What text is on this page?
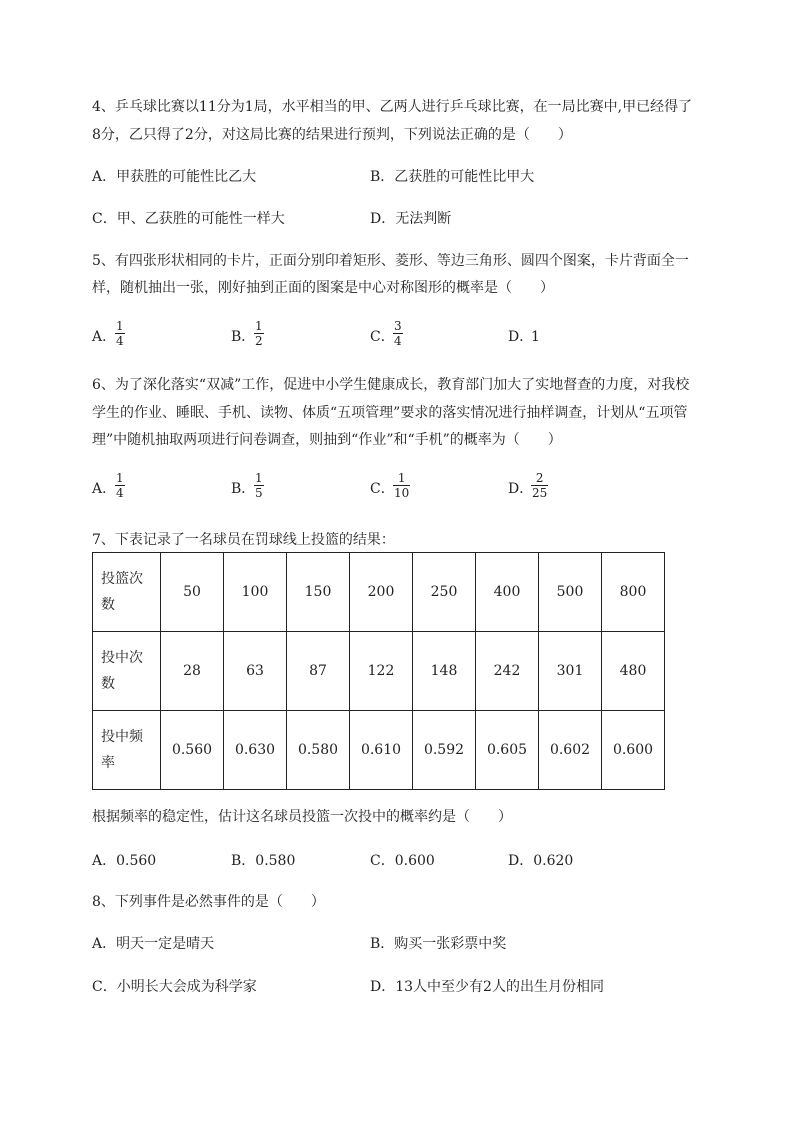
4、乒乓球比赛以11分为1局，水平相当的甲、乙两人进行乒乓球比赛，在一局比赛中,甲已经得了
8分，乙只得了2分，对这局比赛的结果进行预判，下列说法正确的是（　　）
A．甲获胜的可能性比乙大	B．乙获胜的可能性比甲大
C．甲、乙获胜的可能性一样大	D．无法判断
5、有四张形状相同的卡片，正面分别印着矩形、菱形、等边三角形、圆四个图案，卡片背面全一
样，随机抽出一张，刚好抽到正面的图案是中心对称图形的概率是（　　）
A．
1
4	B．
1
2	C．
3
4	D．
1
6、为了深化落实“双减”工作，促进中小学生健康成长，教育部门加大了实地督查的力度，对我校
学生的作业、睡眠、手机、读物、体质“五项管理”要求的落实情况进行抽样调查，计划从“五项管
理”中随机抽取两项进行问卷调查，则抽到“作业”和“手机”的概率为（　　）
A．
1
4	B．
1
5	C．
1
10	D．
2
25
7、下表记录了一名球员在罚球线上投篮的结果：
投篮次
数	50	100	150	200	250	400	500	800

投中次
数	28	63	87	122	148	242	301	480

投中频
率	0.560	0.630	0.580	0.610	0.592	0.605	0.602	0.600
根据频率的稳定性，估计这名球员投篮一次投中的概率约是（　　）
A．0.560	B．0.580	C．0.600	D．0.620
8、下列事件是必然事件的是（　　）
A．明天一定是晴天	B．购买一张彩票中奖
C．小明长大会成为科学家	D．13人中至少有2人的出生月份相同
